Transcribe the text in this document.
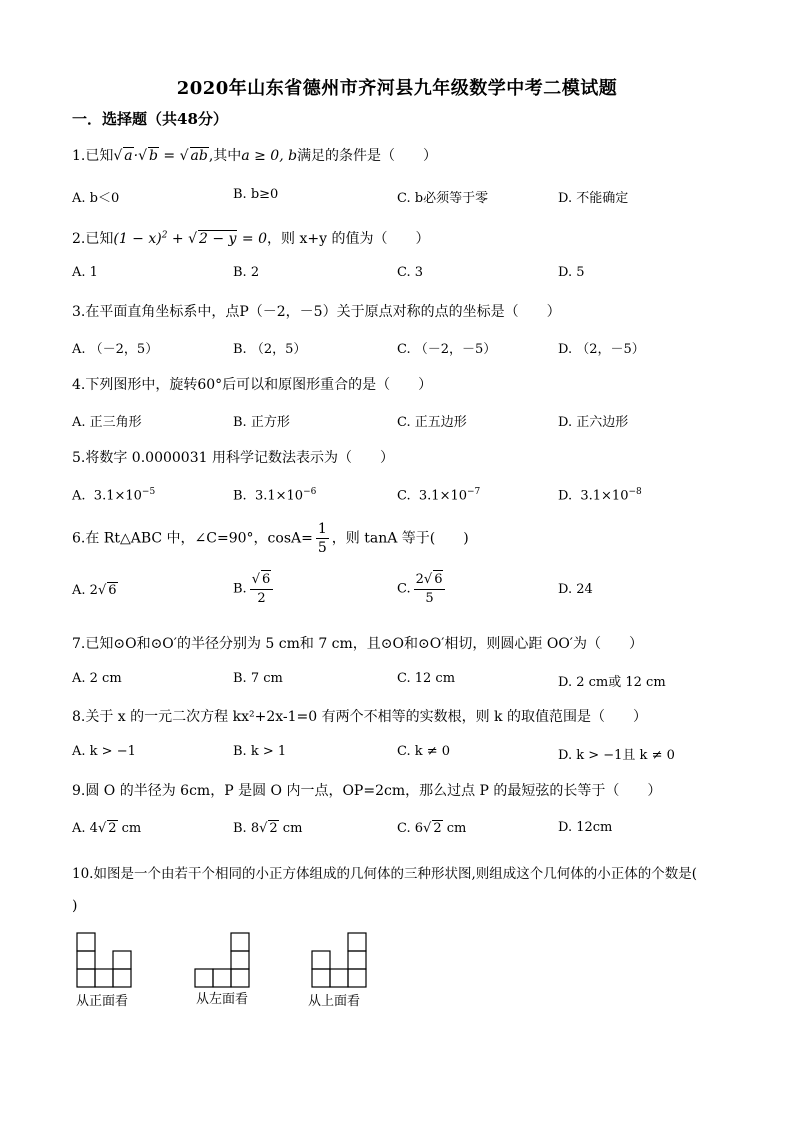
2020年山东省德州市齐河县九年级数学中考二模试题
一．选择题（共48分）
1.已知√ a·√ b = √ ab,其中a ≥ 0, b满足的条件是（　　）
A. b＜0	B. b≥0	C. b必须等于零	D. 不能确定
2.已知$(1 - x)^2$ + √ 2 − y = 0，则 x+y 的值为（　　）
A. 1	B. 2	C. 3	D. 5
3.在平面直角坐标系中，点P（－2，－5）关于原点对称的点的坐标是（　　）
A. （－2，5）	B. （2，5）	C. （－2，－5）	D. （2，－5）
4.下列图形中，旋转60°后可以和原图形重合的是（　　）
A. 正三角形	B. 正方形	C. 正五边形	D. 正六边形
5.将数字 0.0000031 用科学记数法表示为（　　）
A. $3.1\times 10^{-5}$	B. $3.1\times 10^{-6}$	C. $3.1\times 10^{-7}$	D. $3.1\times 10^{-8}$
6.在 Rt△ABC 中，∠C=90°，$\cos A= \frac{1}{5}$ ，则 tanA 等于(　　)
A. 2√ 6	B. $\frac{√ 6}{2}$	C. $\frac{2√ 6}{5}$	D. 24
7.已知⊙O和⊙O′的半径分别为 5 cm和 7 cm，且⊙O和⊙O′相切，则圆心距 OO′为（　　）
A. 2 cm	B. 7 cm	C. 12 cm	D. 2 cm或 12 cm
8.关于 x 的一元二次方程 kx²+2x-1=0 有两个不相等的实数根，则 k 的取值范围是（　　）
A. k > −1	B. k > 1	C. k ≠ 0	D. k > −1且 k ≠ 0
9.圆 O 的半径为 6cm，P 是圆 O 内一点，OP=2cm，那么过点 P 的最短弦的长等于（　　）
A. 4√ 2 cm	B. 8√ 2 cm	C. 6√ 2 cm	D. 12cm
10.如图是一个由若干个相同的小正方体组成的几何体的三种形状图,则组成这个几何体的小正体的个数是(
)
从正面看	从左面看	从上面看
